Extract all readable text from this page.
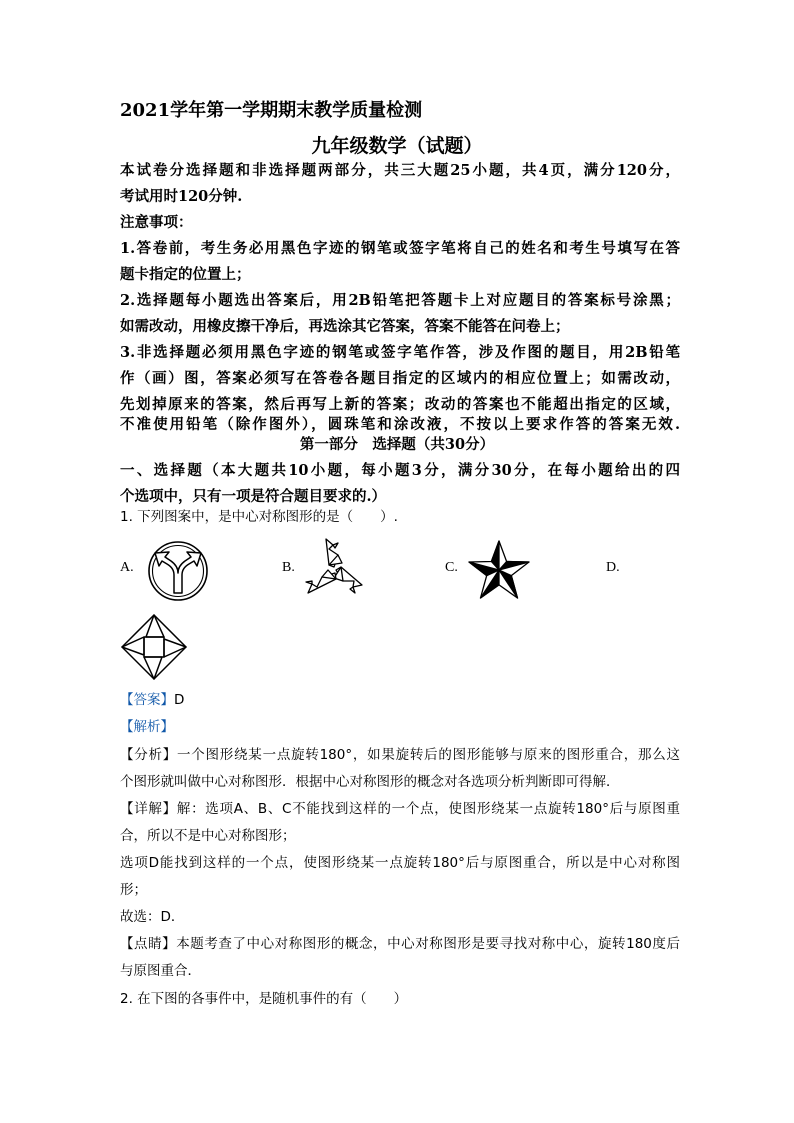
2021学年第一学期期末教学质量检测
九年级数学（试题）
本试卷分选择题和非选择题两部分，共三大题25小题，共4页，满分120分，
考试用时120分钟.
注意事项：
1.答卷前，考生务必用黑色字迹的钢笔或签字笔将自己的姓名和考生号填写在答
题卡指定的位置上；
2.选择题每小题选出答案后，用2B铅笔把答题卡上对应题目的答案标号涂黑；
如需改动，用橡皮擦干净后，再选涂其它答案，答案不能答在问卷上；
3.非选择题必须用黑色字迹的钢笔或签字笔作答，涉及作图的题目，用2B铅笔
作（画）图，答案必须写在答卷各题目指定的区域内的相应位置上；如需改动，
先划掉原来的答案，然后再写上新的答案；改动的答案也不能超出指定的区域，
不准使用铅笔（除作图外），圆珠笔和涂改液，不按以上要求作答的答案无效.
第一部分　选择题（共30分）
一、选择题（本大题共10小题，每小题3分，满分30分，在每小题给出的四
个选项中，只有一项是符合题目要求的.）
1. 下列图案中，是中心对称图形的是（　　）.
A.	B.	C.	D.
【答案】D
【解析】
【分析】一个图形绕某一点旋转180°，如果旋转后的图形能够与原来的图形重合，那么这
个图形就叫做中心对称图形．根据中心对称图形的概念对各选项分析判断即可得解．
【详解】解：选项A、B、C不能找到这样的一个点，使图形绕某一点旋转180°后与原图重
合，所以不是中心对称图形；
选项D能找到这样的一个点，使图形绕某一点旋转180°后与原图重合，所以是中心对称图
形；
故选：D．
【点睛】本题考查了中心对称图形的概念，中心对称图形是要寻找对称中心，旋转180度后
与原图重合．
2. 在下图的各事件中，是随机事件的有（　　）
